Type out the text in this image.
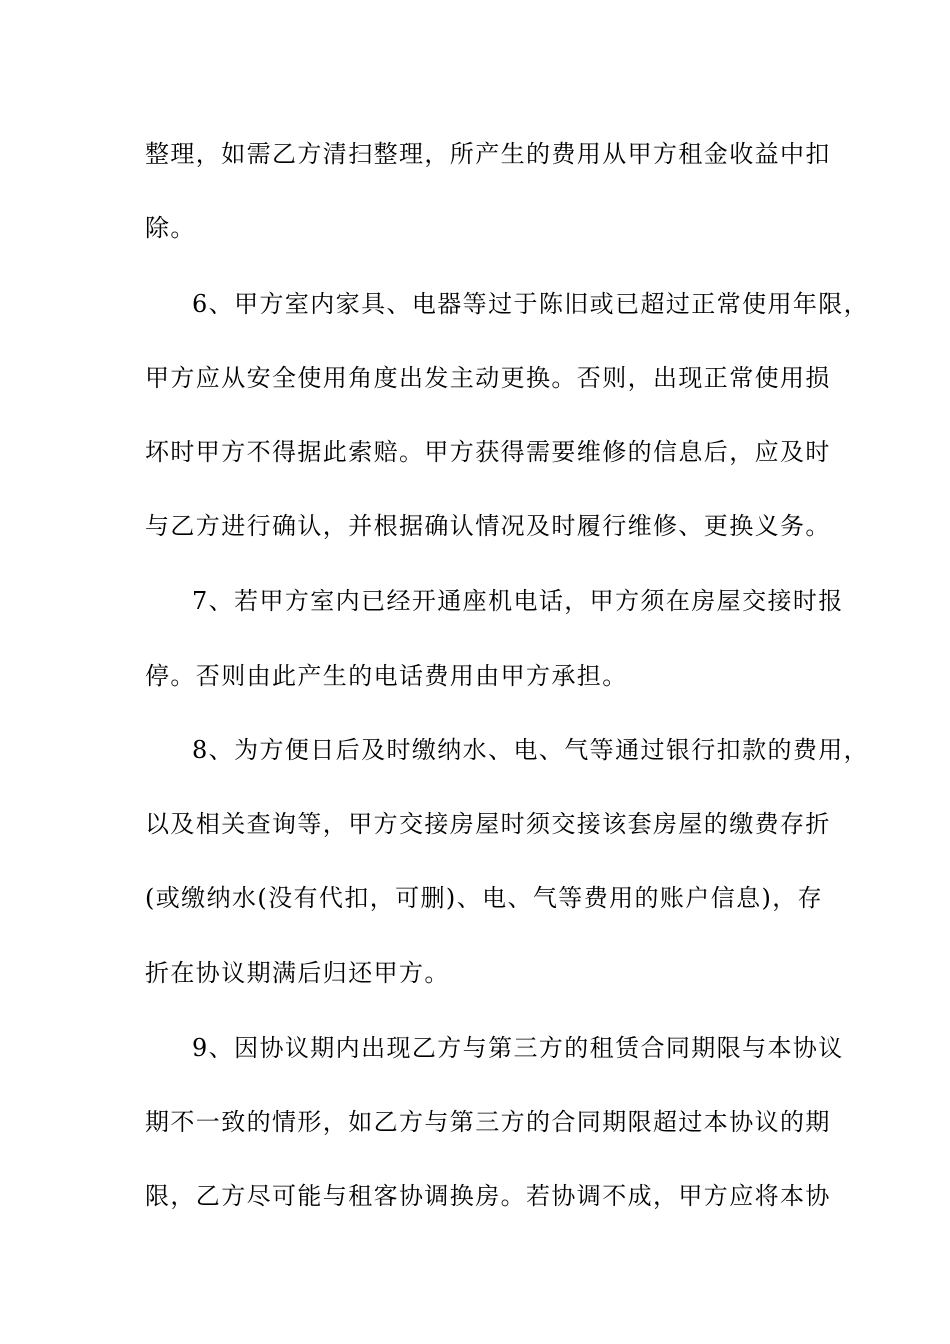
整理，如需乙方清扫整理，所产生的费用从甲方租金收益中扣
除。
6、甲方室内家具、电器等过于陈旧或已超过正常使用年限，
甲方应从安全使用角度出发主动更换。否则，出现正常使用损
坏时甲方不得据此索赔。甲方获得需要维修的信息后，应及时
与乙方进行确认，并根据确认情况及时履行维修、更换义务。
7、若甲方室内已经开通座机电话，甲方须在房屋交接时报
停。否则由此产生的电话费用由甲方承担。
8、为方便日后及时缴纳水、电、气等通过银行扣款的费用，
以及相关查询等，甲方交接房屋时须交接该套房屋的缴费存折
(或缴纳水(没有代扣，可删)、电、气等费用的账户信息)，存
折在协议期满后归还甲方。
9、因协议期内出现乙方与第三方的租赁合同期限与本协议
期不一致的情形，如乙方与第三方的合同期限超过本协议的期
限，乙方尽可能与租客协调换房。若协调不成，甲方应将本协
